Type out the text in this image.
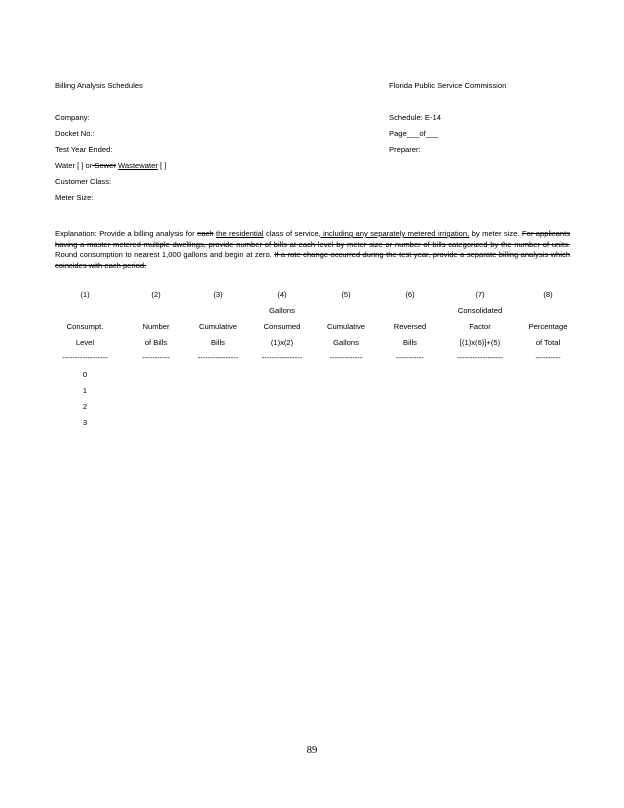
Billing Analysis Schedules	Florida Public Service Commission
Company:
Docket No.:
Test Year Ended:
Water [ ] or Sewer Wastewater [ ]
Customer Class:
Meter Size:
Schedule: E-14
Page___of___
Preparer:
Explanation: Provide a billing analysis for each the residential class of service, including any separately metered irrigation, by meter size. For applicants having a master metered multiple dwellings, provide number of bills at each level by meter size or number of bills categorized by the number of units. Round consumption to nearest 1,000 gallons and begin at zero. If a rate change occurred during the test year, provide a separate billing analysis which coincides with each period.
(1)
Consumpt.
Level
------------------
(2)
Number
of Bills
-----------
(3)
Cumulative
Bills
----------------
(4)
Gallons
Consumed
(1)x(2)
----------------
(5)
Cumulative
Gallons
-------------
(6)
Reversed
Bills
-----------
(7)
Consolidated
Factor
[(1)x(6)]+(5)
------------------
(8)
Percentage
of Total
----------
0
1
2
3
89
